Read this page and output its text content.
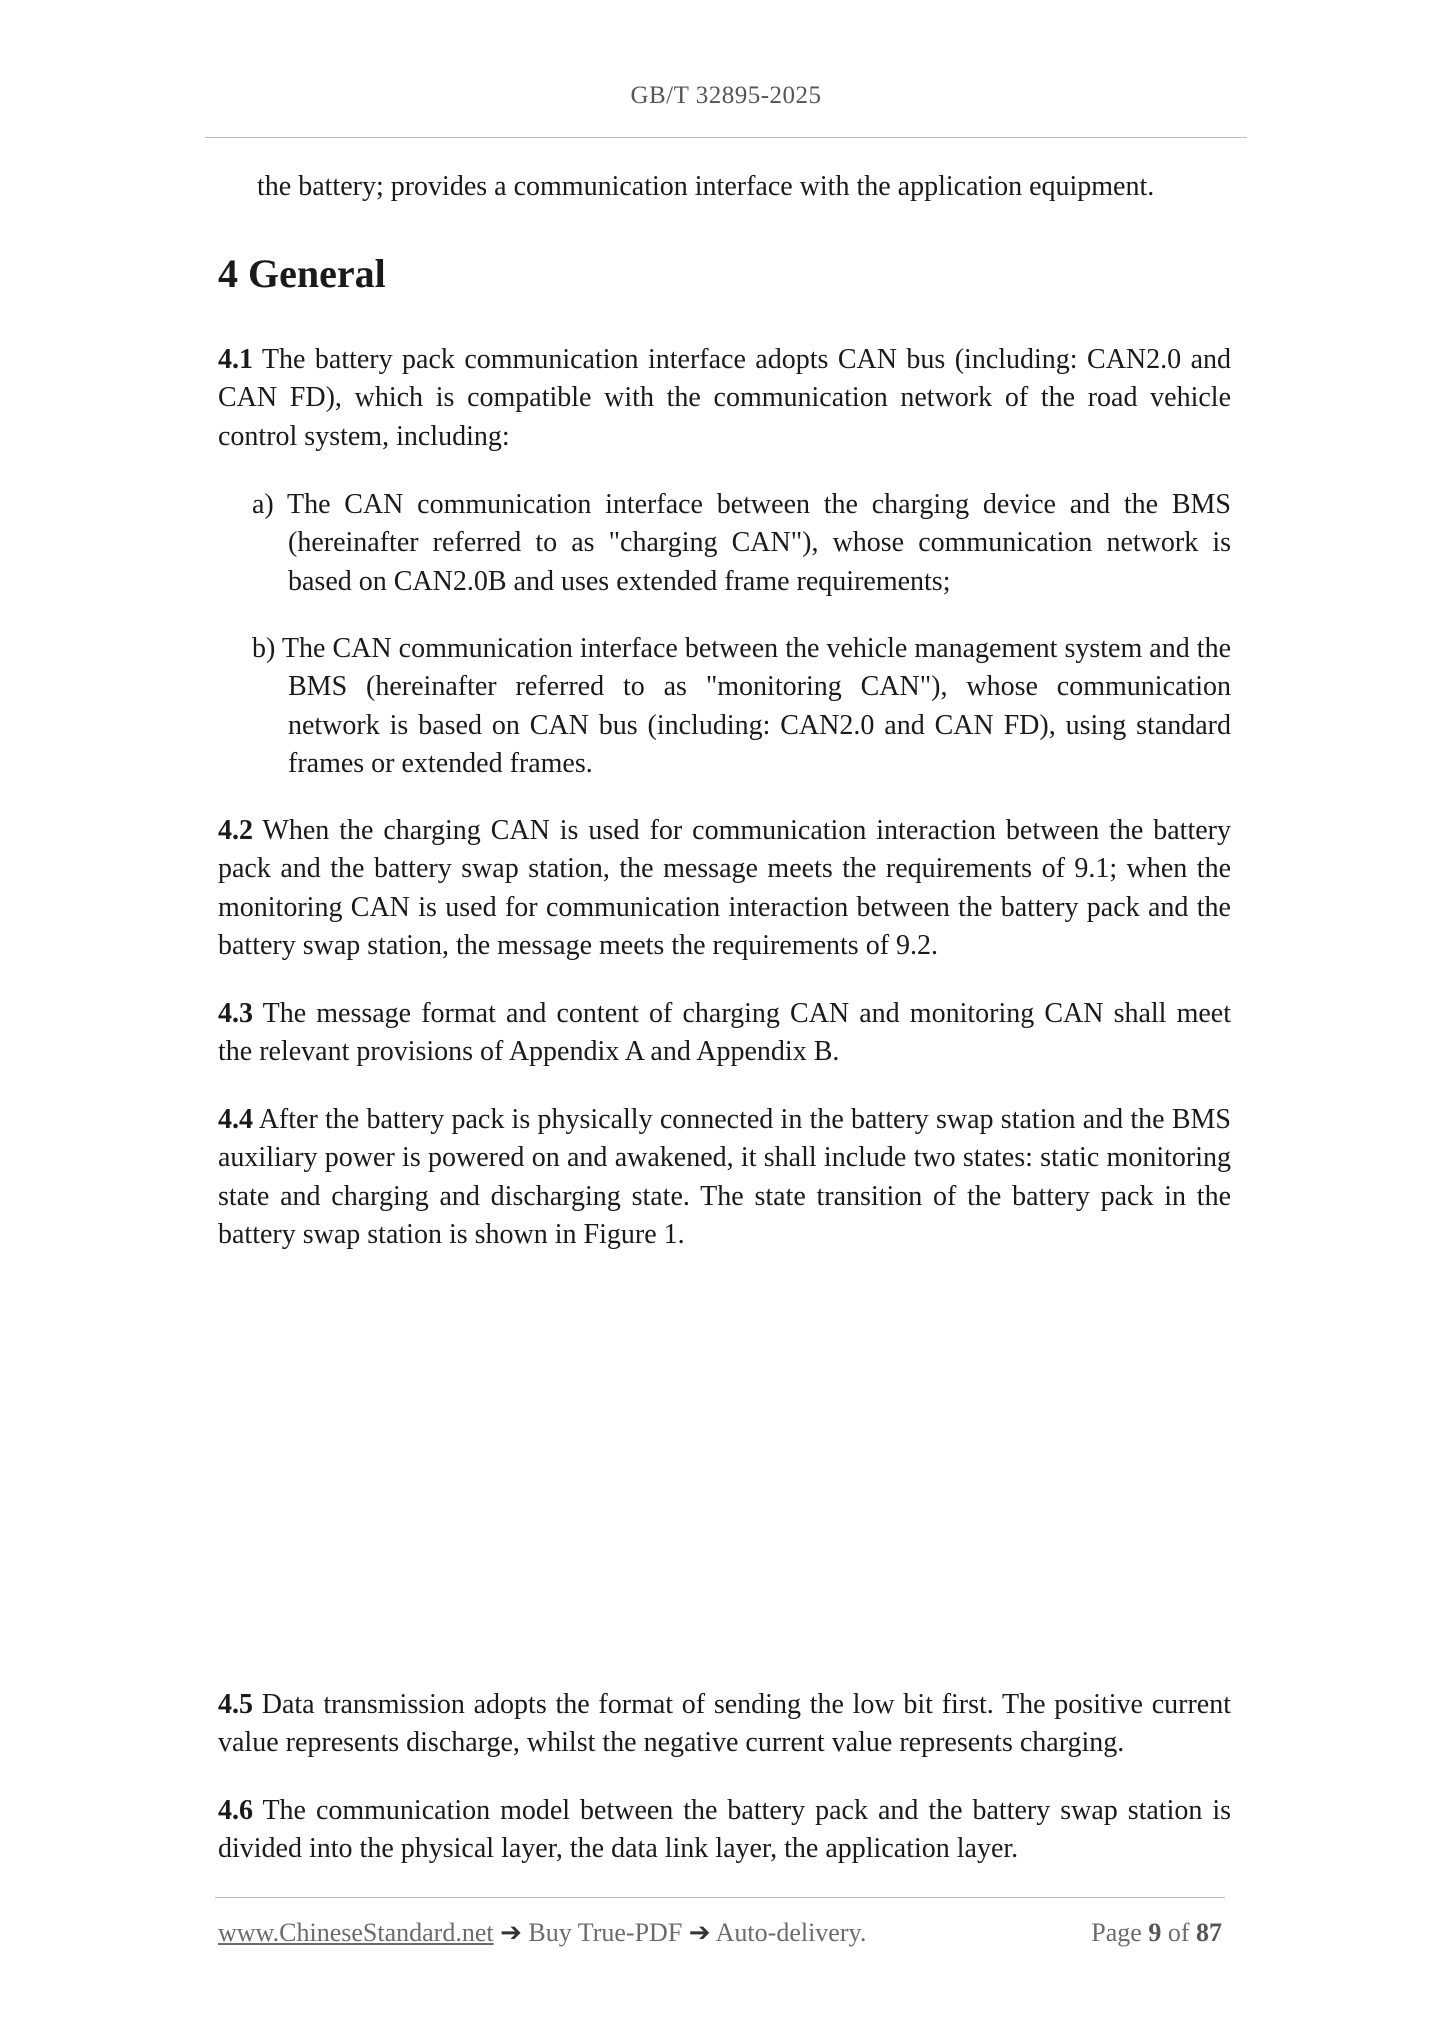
GB/T 32895-2025
the battery; provides a communication interface with the application equipment.
4 General

4.1 The battery pack communication interface adopts CAN bus (including: CAN2.0 and CAN FD), which is compatible with the communication network of the road vehicle control system, including:

a) The CAN communication interface between the charging device and the BMS (hereinafter referred to as "charging CAN"), whose communication network is based on CAN2.0B and uses extended frame requirements;

b) The CAN communication interface between the vehicle management system and the BMS (hereinafter referred to as "monitoring CAN"), whose communication network is based on CAN bus (including: CAN2.0 and CAN FD), using standard frames or extended frames.

4.2 When the charging CAN is used for communication interaction between the battery pack and the battery swap station, the message meets the requirements of 9.1; when the monitoring CAN is used for communication interaction between the battery pack and the battery swap station, the message meets the requirements of 9.2.

4.3 The message format and content of charging CAN and monitoring CAN shall meet the relevant provisions of Appendix A and Appendix B.

4.4 After the battery pack is physically connected in the battery swap station and the BMS auxiliary power is powered on and awakened, it shall include two states: static monitoring state and charging and discharging state. The state transition of the battery pack in the battery swap station is shown in Figure 1.

4.5 Data transmission adopts the format of sending the low bit first. The positive current value represents discharge, whilst the negative current value represents charging.

4.6 The communication model between the battery pack and the battery swap station is divided into the physical layer, the data link layer, the application layer.

www.ChineseStandard.net ➔ Buy True-PDF ➔ Auto-delivery.	Page 9 of 87
